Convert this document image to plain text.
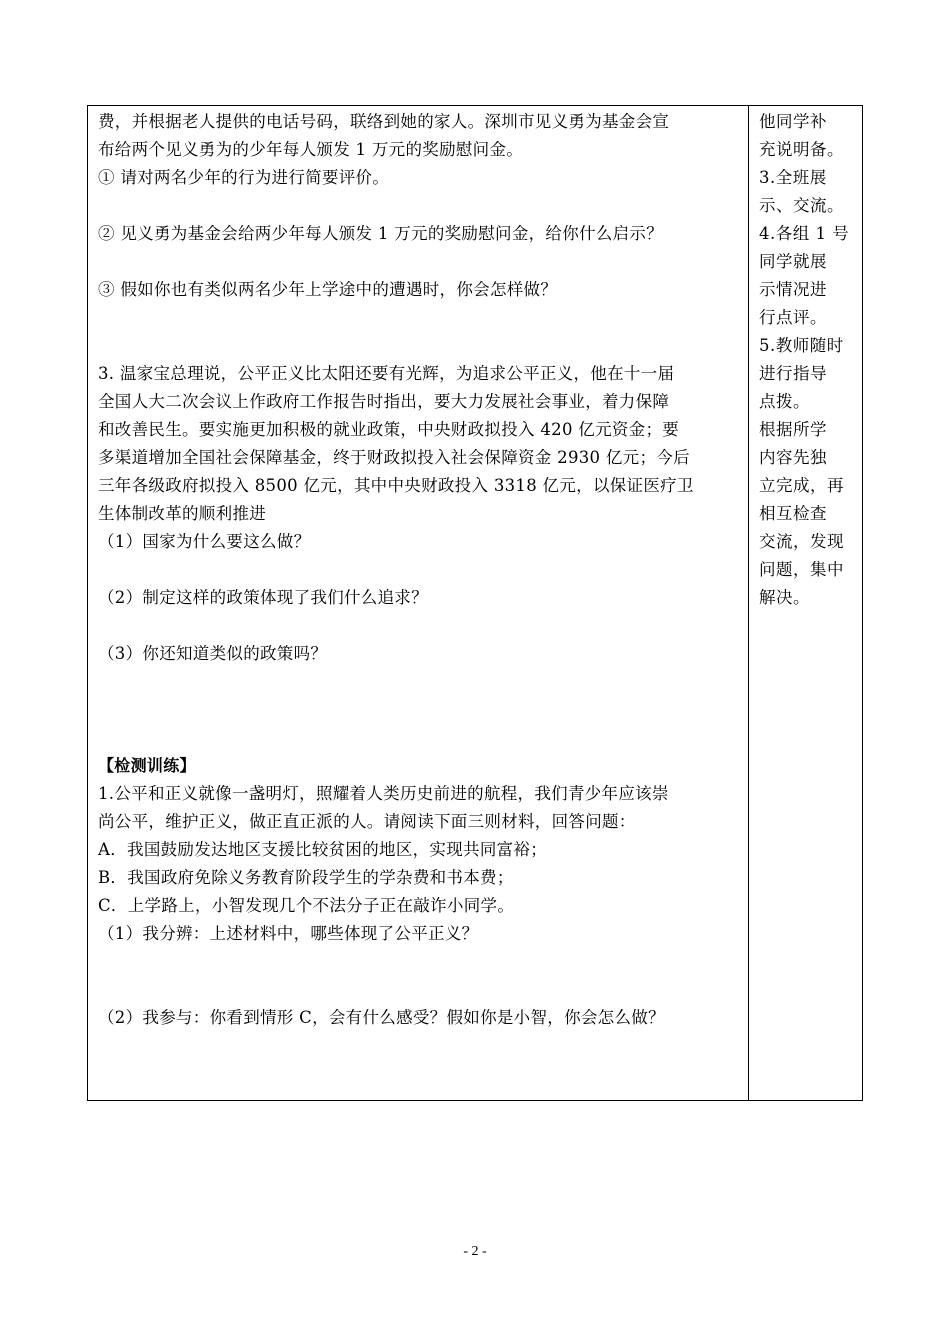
费，并根据老人提供的电话号码，联络到她的家人。深圳市见义勇为基金会宣
布给两个见义勇为的少年每人颁发 1 万元的奖励慰问金。
① 请对两名少年的行为进行简要评价。
② 见义勇为基金会给两少年每人颁发 1 万元的奖励慰问金，给你什么启示？
③ 假如你也有类似两名少年上学途中的遭遇时，你会怎样做？
3. 温家宝总理说，公平正义比太阳还要有光辉，为追求公平正义，他在十一届
全国人大二次会议上作政府工作报告时指出，要大力发展社会事业，着力保障
和改善民生。要实施更加积极的就业政策，中央财政拟投入 420 亿元资金；要
多渠道增加全国社会保障基金，终于财政拟投入社会保障资金 2930 亿元；今后
三年各级政府拟投入 8500 亿元，其中中央财政投入 3318 亿元，以保证医疗卫
生体制改革的顺利推进
（1）国家为什么要这么做？
（2）制定这样的政策体现了我们什么追求？
（3）你还知道类似的政策吗？
【检测训练】
1.公平和正义就像一盏明灯，照耀着人类历史前进的航程，我们青少年应该崇
尚公平，维护正义，做正直正派的人。请阅读下面三则材料，回答问题：
A．我国鼓励发达地区支援比较贫困的地区，实现共同富裕；
B．我国政府免除义务教育阶段学生的学杂费和书本费；
C．上学路上，小智发现几个不法分子正在敲诈小同学。
（1）我分辨：上述材料中，哪些体现了公平正义？
（2）我参与：你看到情形 C，会有什么感受？假如你是小智，你会怎么做？
他同学补
充说明备。
3.全班展
示、交流。
4.各组 1 号
同学就展
示情况进
行点评。
5.教师随时
进行指导
点拨。
根据所学
内容先独
立完成，再
相互检查
交流，发现
问题，集中
解决。
- 2 -
